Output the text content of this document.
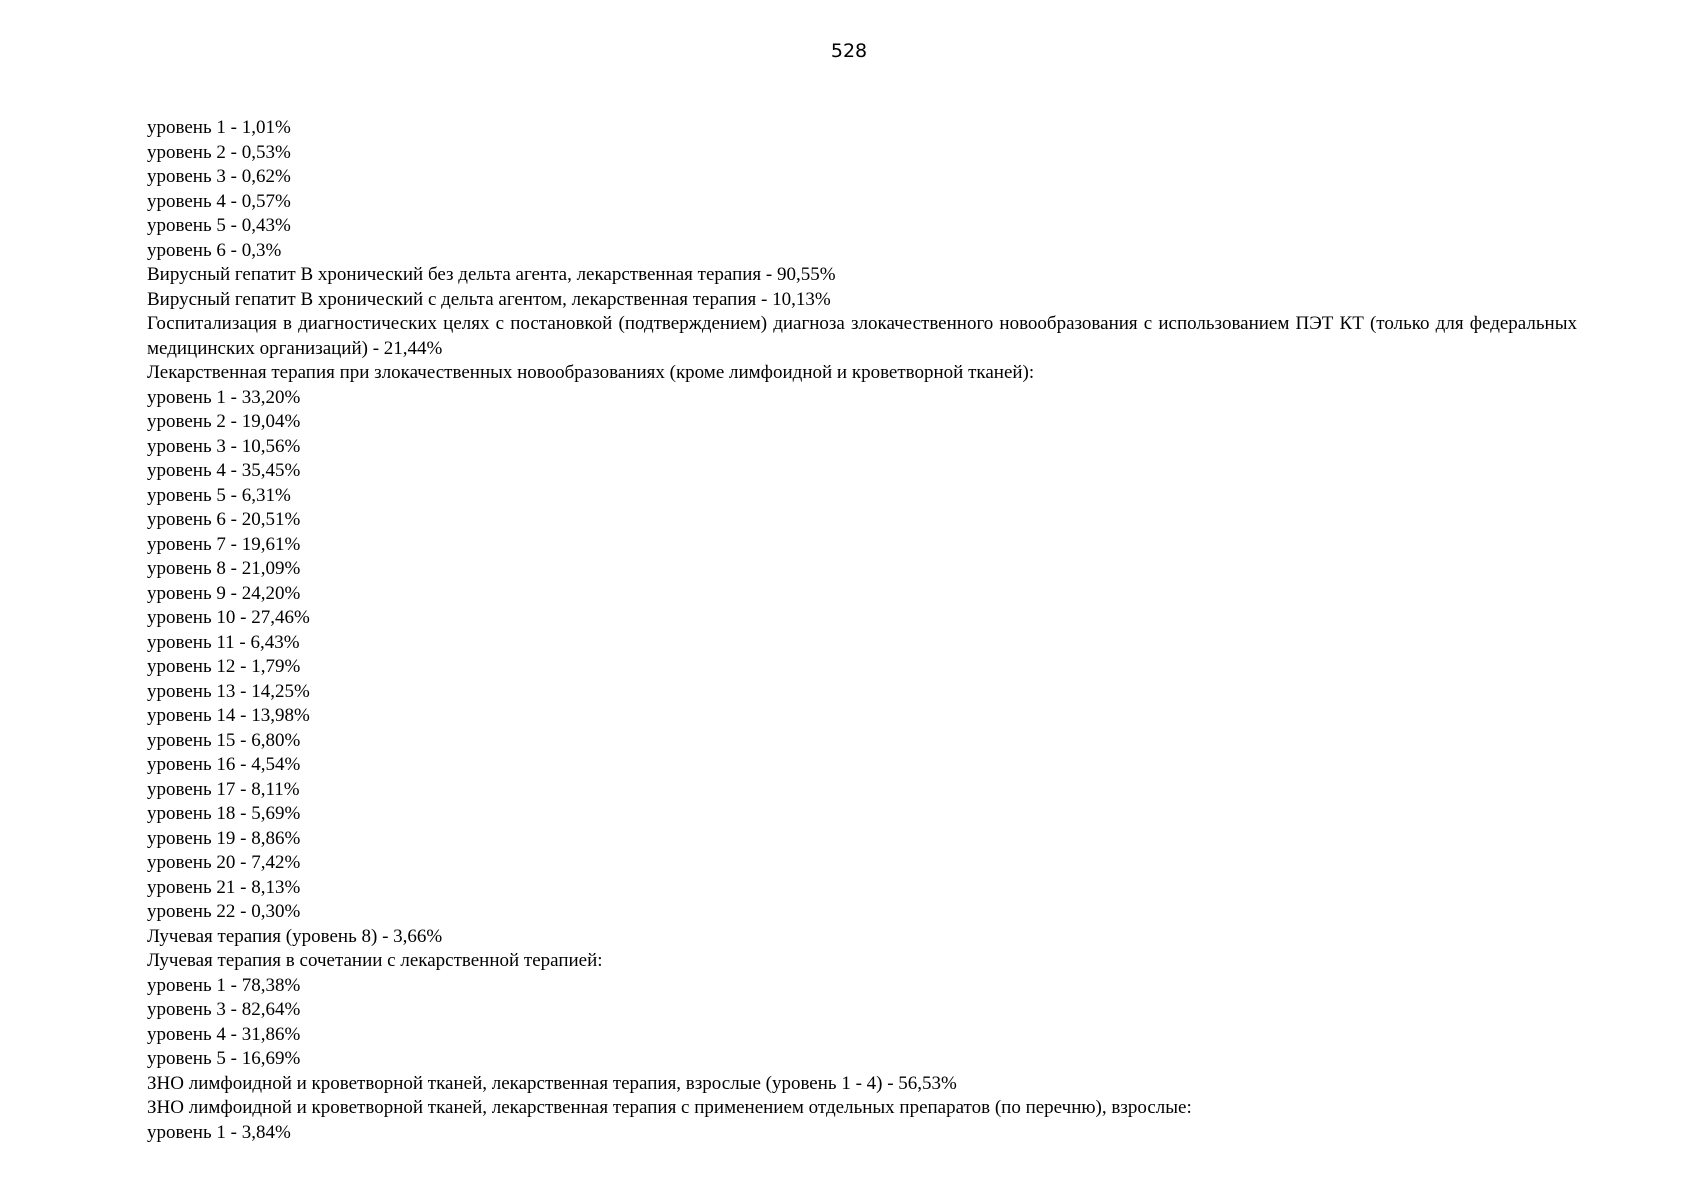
528
уровень 1 - 1,01%
уровень 2 - 0,53%
уровень 3 - 0,62%
уровень 4 - 0,57%
уровень 5 - 0,43%
уровень 6 - 0,3%
Вирусный гепатит B хронический без дельта агента, лекарственная терапия - 90,55%
Вирусный гепатит B хронический с дельта агентом, лекарственная терапия - 10,13%
Госпитализация в диагностических целях с постановкой (подтверждением) диагноза злокачественного новообразования с использованием ПЭТ КТ (только для федеральных медицинских организаций) - 21,44%
Лекарственная терапия при злокачественных новообразованиях (кроме лимфоидной и кроветворной тканей):
уровень 1 - 33,20%
уровень 2 - 19,04%
уровень 3 - 10,56%
уровень 4 - 35,45%
уровень 5 - 6,31%
уровень 6 - 20,51%
уровень 7 - 19,61%
уровень 8 - 21,09%
уровень 9 - 24,20%
уровень 10 - 27,46%
уровень 11 - 6,43%
уровень 12 - 1,79%
уровень 13 - 14,25%
уровень 14 - 13,98%
уровень 15 - 6,80%
уровень 16 - 4,54%
уровень 17 - 8,11%
уровень 18 - 5,69%
уровень 19 - 8,86%
уровень 20 - 7,42%
уровень 21 - 8,13%
уровень 22 - 0,30%
Лучевая терапия (уровень 8) - 3,66%
Лучевая терапия в сочетании с лекарственной терапией:
уровень 1 - 78,38%
уровень 3 - 82,64%
уровень 4 - 31,86%
уровень 5 - 16,69%
ЗНО лимфоидной и кроветворной тканей, лекарственная терапия, взрослые (уровень 1 - 4) - 56,53%
ЗНО лимфоидной и кроветворной тканей, лекарственная терапия с применением отдельных препаратов (по перечню), взрослые:
уровень 1 - 3,84%
